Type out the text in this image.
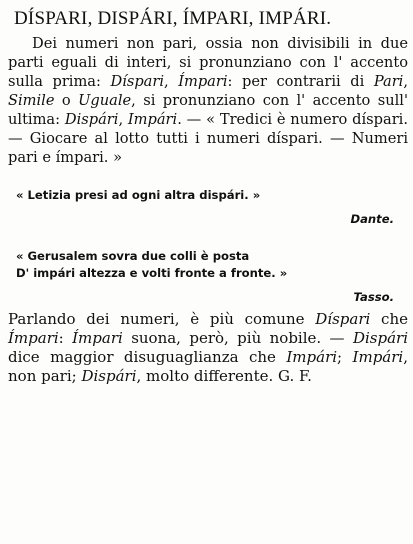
DÍSPARI, DISPÁRI, ÍMPARI, IMPÁRI.

Dei numeri non pari, ossia non divisibili in due parti eguali di interi, si pronunziano con l' accento sulla prima: Díspari, Ímpari: per contrarii di Pari, Simile o Uguale, si pronunziano con l' accento sull' ultima: Dispári, Impári. — « Tredici è numero díspari. — Giocare al lotto tutti i numeri díspari. — Numeri pari e ímpari. »

« Letizia presi ad ogni altra dispári. »

Dante.

« Gerusalem sovra due colli è posta

D' impári altezza e volti fronte a fronte. »

Tasso.

Parlando dei numeri, è più comune Díspari che Ímpari: Ímpari suona, però, più nobile. — Dispári dice maggior disuguaglianza che Impári; Impári, non pari; Dispári, molto differente. G. F.
